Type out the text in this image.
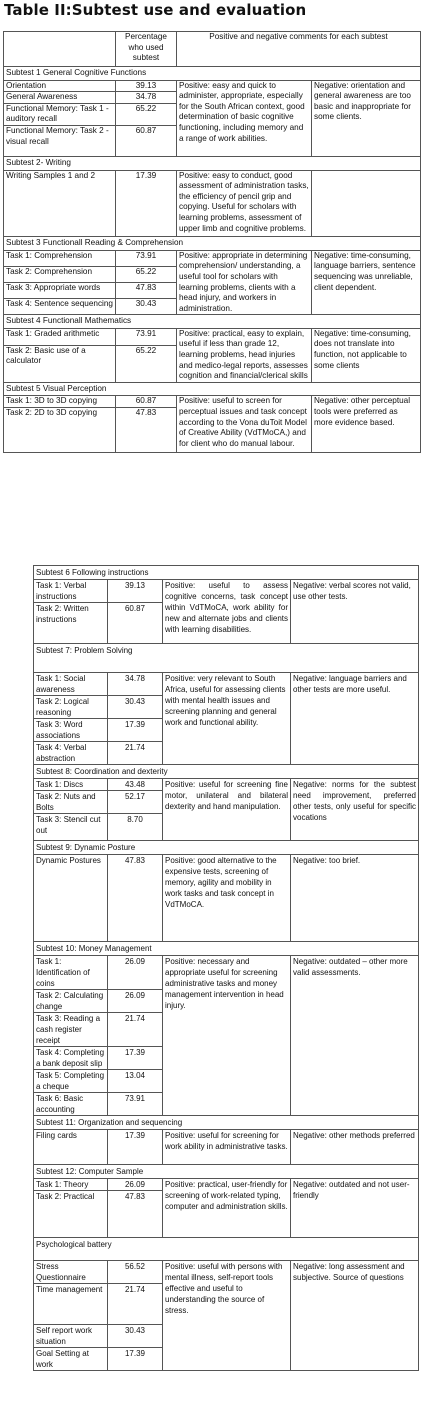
Table II:Subtest use and evaluation
	Percentage who used subtest	Positive and negative comments for each subtest	
Subtest 1 General Cognitive Functions			
Orientation	39.13	Positive: easy and quick to administer, appropriate, especially for the South African context, good determination of basic cognitive functioning, including memory and a range of work abilities.	Negative: orientation and general awareness are too basic and inappropriate for some clients.
General Awareness	34.78		
Functional Memory: Task 1 - auditory recall	65.22		
Functional Memory: Task 2 - visual recall	60.87		
Subtest 2- Writing			
Writing Samples 1 and 2	17.39	Positive: easy to conduct, good assessment of administration tasks, the efficiency of pencil grip and copying. Useful for scholars with learning problems, assessment of upper limb and cognitive problems.	
Subtest 3 Functionall Reading & Comprehension			
Task 1: Comprehension	73.91	Positive: appropriate in determining comprehension/ understanding, a useful tool for scholars with learning problems, clients with a head injury, and workers in administration.	Negative: time-consuming, language barriers, sentence sequencing was unreliable, client dependent.
Task 2: Comprehension	65.22		
Task 3: Appropriate words	47.83		
Task 4: Sentence sequencing	30.43		
Subtest 4 Functionall Mathematics			
Task 1: Graded arithmetic	73.91	Positive: practical, easy to explain, useful if less than grade 12, learning problems, head injuries and medico-legal reports, assesses cognition and financial/clerical skills	Negative: time-consuming, does not translate into function, not applicable to some clients
Task 2: Basic use of a calculator	65.22		
Subtest 5 Visual Perception			
Task 1: 3D to 3D copying	60.87	Positive: useful to screen for perceptual issues and task concept according to the Vona duToit Model of Creative Ability (VdTMoCA,) and for client who do manual labour.	Negative: other perceptual tools were preferred as more evidence based.
Task 2: 2D to 3D copying	47.83		
Subtest 6 Following instructions			
Task 1: Verbal instructions	39.13	Positive: useful to assess cognitive concerns, task concept within VdTMoCA, work ability for new and alternate jobs and clients with learning disabilities.	Negative: verbal scores not valid, use other tests.
Task 2: Written instructions	60.87		
Subtest 7: Problem Solving			
Task 1: Social awareness	34.78	Positive: very relevant to South Africa, useful for assessing clients with mental health issues and screening planning and general work and functional ability.	Negative: language barriers and other tests are more useful.
Task 2: Logical reasoning	30.43		
Task 3: Word associations	17.39		
Task 4: Verbal abstraction	21.74		
Subtest 8: Coordination and dexterity			
Task 1: Discs	43.48	Positive: useful for screening fine motor, unilateral and bilateral dexterity and hand manipulation.	Negative: norms for the subtest need improvement, preferred other tests, only useful for specific vocations
Task 2: Nuts and Bolts	52.17		
Task 3: Stencil cut out	8.70		
Subtest 9: Dynamic Posture			
Dynamic Postures	47.83	Positive: good alternative to the expensive tests, screening of memory, agility and mobility in work tasks and task concept in VdTMoCA.	Negative: too brief.
Subtest 10: Money Management			
Task 1: Identification of coins	26.09	Positive: necessary and appropriate useful for screening administrative tasks and money management intervention in head injury.	Negative: outdated – other more valid assessments.
Task 2: Calculating change	26.09		
Task 3: Reading a cash register receipt	21.74		
Task 4: Completing a bank deposit slip	17.39		
Task 5: Completing a cheque	13.04		
Task 6: Basic accounting	73.91		
Subtest 11: Organization and sequencing			
Filing cards	17.39	Positive: useful for screening for work ability in administrative tasks.	Negative: other methods preferred
Subtest 12: Computer Sample			
Task 1: Theory	26.09	Positive: practical, user-friendly for screening of work-related typing, computer and administration skills.	Negative: outdated and not user-friendly
Task 2: Practical	47.83		
Psychological battery			
Stress Questionnaire	56.52	Positive: useful with persons with mental illness, self-report tools effective and useful to understanding the source of stress.	Negative: long assessment and subjective. Source of questions
Time management	21.74		
Self report work situation	30.43		
Goal Setting at work	17.39		
